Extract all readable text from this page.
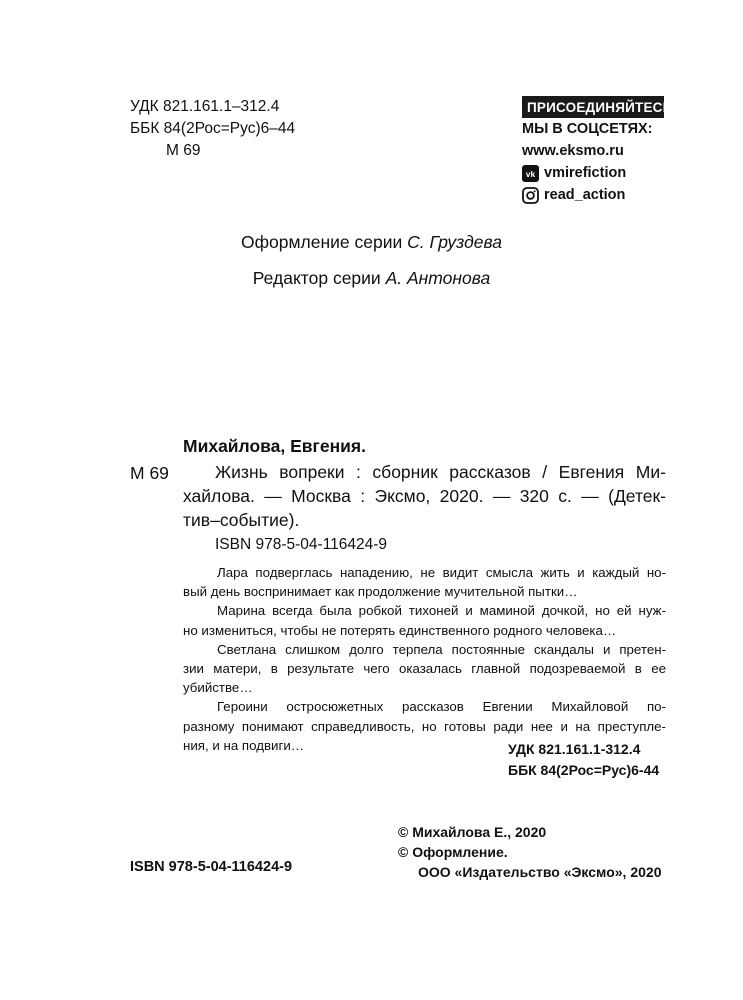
УДК 821.161.1–312.4
ББК 84(2Рос=Рус)6–44
М 69
ПРИСОЕДИНЯЙТЕСЬ
МЫ В СОЦСЕТЯХ:
www.eksmo.ru
vk vmirefiction
read_action
Оформление серии С. Груздева
Редактор серии А. Антонова
Михайлова, Евгения.
М 69	Жизнь вопреки : сборник рассказов / Евгения Ми-
хайлова. — Москва : Эксмо, 2020. — 320 с. — (Детек-
тив–событие).
ISBN 978-5-04-116424-9
Лара подверглась нападению, не видит смысла жить и каждый но-
вый день воспринимает как продолжение мучительной пытки…
Марина всегда была робкой тихоней и маминой дочкой, но ей нуж-
но измениться, чтобы не потерять единственного родного человека…
Светлана слишком долго терпела постоянные скандалы и претен-
зии матери, в результате чего оказалась главной подозреваемой в ее
убийстве…
Героини остросюжетных рассказов Евгении Михайловой по-
разному понимают справедливость, но готовы ради нее и на преступле-
ния, и на подвиги…	УДК 821.161.1-312.4
ББК 84(2Рос=Рус)6-44
© Михайлова Е., 2020
© Оформление.
ООО «Издательство «Эксмо», 2020
ISBN 978-5-04-116424-9
